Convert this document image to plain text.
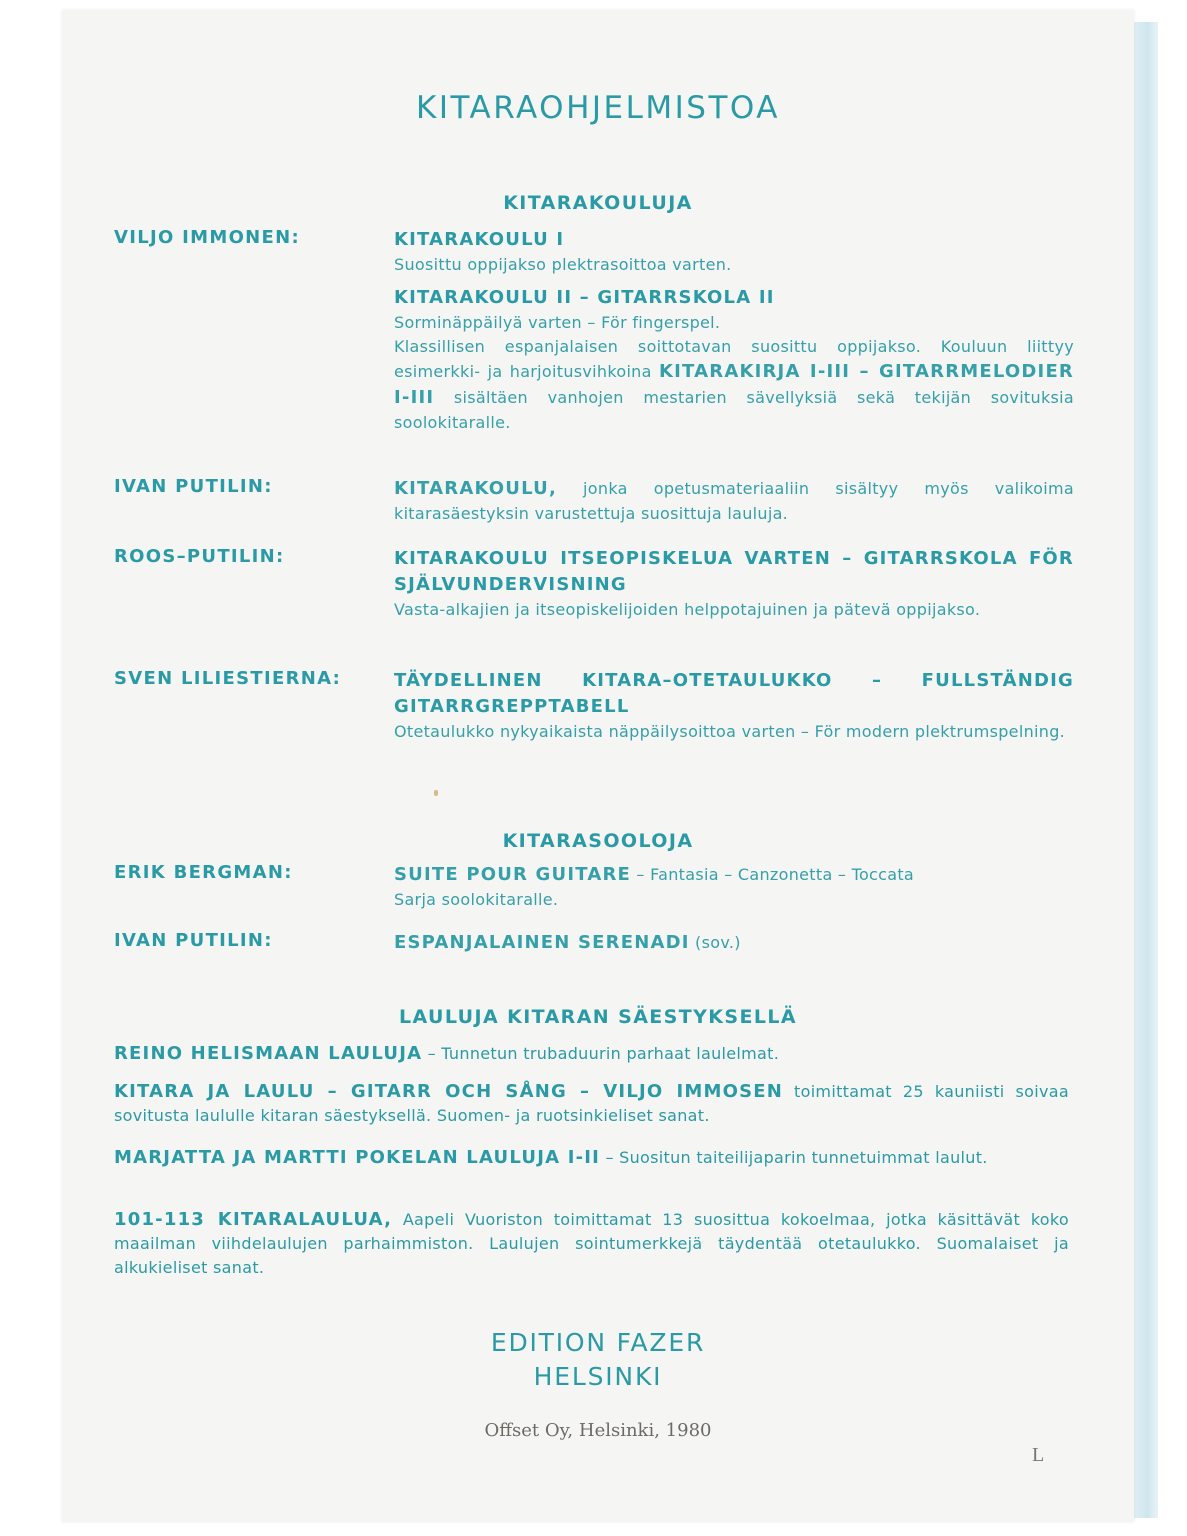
KITARAOHJELMISTOA
KITARAKOULUJA
VILJO IMMONEN:	KITARAKOULU I
Suosittu oppijakso plektrasoittoa varten.
KITARAKOULU II – GITARRSKOLA II
Sorminäppäilyä varten – För fingerspel.
Klassillisen espanjalaisen soittotavan suosittu oppijakso. Kouluun liittyy esimerkki- ja harjoitusvihkoina KITARAKIRJA I-III – GITARRMELODIER I-III sisältäen vanhojen mestarien sävellyksiä sekä tekijän sovituksia soolokitaralle.
IVAN PUTILIN:	KITARAKOULU, jonka opetusmateriaaliin sisältyy myös valikoima kitarasäestyksin varustettuja suosittuja lauluja.
ROOS–PUTILIN:	KITARAKOULU ITSEOPISKELUA VARTEN – GITARRSKOLA FÖR SJÄLVUNDERVISNING
Vasta-alkajien ja itseopiskelijoiden helppotajuinen ja pätevä oppijakso.
SVEN LILIESTIERNA:	TÄYDELLINEN KITARA–OTETAULUKKO – FULLSTÄNDIG GITARRGREPPTABELL
Otetaulukko nykyaikaista näppäilysoittoa varten – För modern plektrumspelning.
KITARASOOLOJA
ERIK BERGMAN:	SUITE POUR GUITARE – Fantasia – Canzonetta – Toccata
Sarja soolokitaralle.
IVAN PUTILIN:	ESPANJALAINEN SERENADI (sov.)
LAULUJA KITARAN SÄESTYKSELLÄ
REINO HELISMAAN LAULUJA – Tunnetun trubaduurin parhaat laulelmat.
KITARA JA LAULU – GITARR OCH SÅNG – VILJO IMMOSEN toimittamat 25 kauniisti soivaa sovitusta laululle kitaran säestyksellä. Suomen- ja ruotsinkieliset sanat.
MARJATTA JA MARTTI POKELAN LAULUJA I-II – Suositun taiteilijaparin tunnetuimmat laulut.
101-113 KITARALAULUA, Aapeli Vuoriston toimittamat 13 suosittua kokoelmaa, jotka käsittävät koko maailman viihdelaulujen parhaimmiston. Laulujen sointumerkkejä täydentää otetaulukko. Suomalaiset ja alkukieliset sanat.
EDITION FAZER
HELSINKI
Offset Oy, Helsinki, 1980
L
